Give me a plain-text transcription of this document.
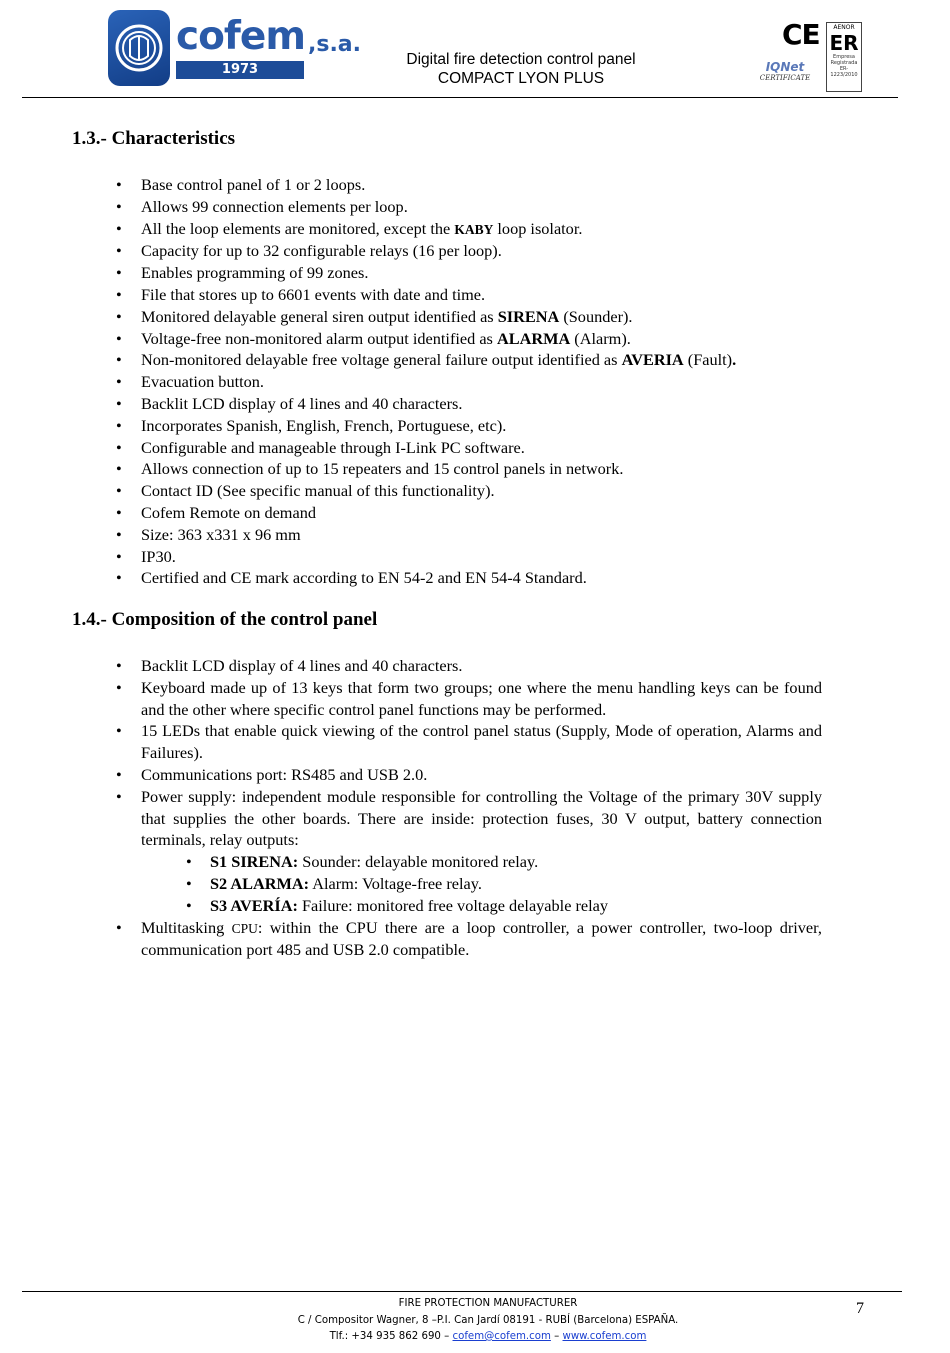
cofem ,s.a.
1973
Digital fire detection control panel
COMPACT LYON PLUS
CE
IQNet
CERTIFICATE
AENOR
ER
Empresa
Registrada
ER-1223/2010
1.3.- Characteristics
• Base control panel of 1 or 2 loops.
• Allows 99 connection elements per loop.
• All the loop elements are monitored, except the KABY loop isolator.
• Capacity for up to 32 configurable relays (16 per loop).
• Enables programming of 99 zones.
• File that stores up to 6601 events with date and time.
• Monitored delayable general siren output identified as SIRENA (Sounder).
• Voltage-free non-monitored alarm output identified as ALARMA (Alarm).
• Non-monitored delayable free voltage general failure output identified as AVERIA (Fault).
• Evacuation button.
• Backlit LCD display of 4 lines and 40 characters.
• Incorporates Spanish, English, French, Portuguese, etc).
• Configurable and manageable through I-Link PC software.
• Allows connection of up to 15 repeaters and 15 control panels in network.
• Contact ID (See specific manual of this functionality).
• Cofem Remote on demand
• Size: 363 x331 x 96 mm
• IP30.
• Certified and CE mark according to EN 54-2 and EN 54-4 Standard.
1.4.- Composition of the control panel
• Backlit LCD display of 4 lines and 40 characters.
• Keyboard made up of 13 keys that form two groups; one where the menu handling keys can be found and the other where specific control panel functions may be performed.
• 15 LEDs that enable quick viewing of the control panel status (Supply, Mode of operation, Alarms and Failures).
• Communications port: RS485 and USB 2.0.
• Power supply: independent module responsible for controlling the Voltage of the primary 30V supply that supplies the other boards. There are inside: protection fuses, 30 V output, battery connection terminals, relay outputs:
• S1 SIRENA: Sounder: delayable monitored relay.
• S2 ALARMA: Alarm: Voltage-free relay.
• S3 AVERÍA: Failure: monitored free voltage delayable relay
• Multitasking CPU: within the CPU there are a loop controller, a power controller, two-loop driver, communication port 485 and USB 2.0 compatible.
FIRE PROTECTION MANUFACTURER
C / Compositor Wagner, 8 –P.I. Can Jardí 08191 - RUBÍ (Barcelona) ESPAÑA.
Tlf.: +34 935 862 690 – cofem@cofem.com – www.cofem.com
7
